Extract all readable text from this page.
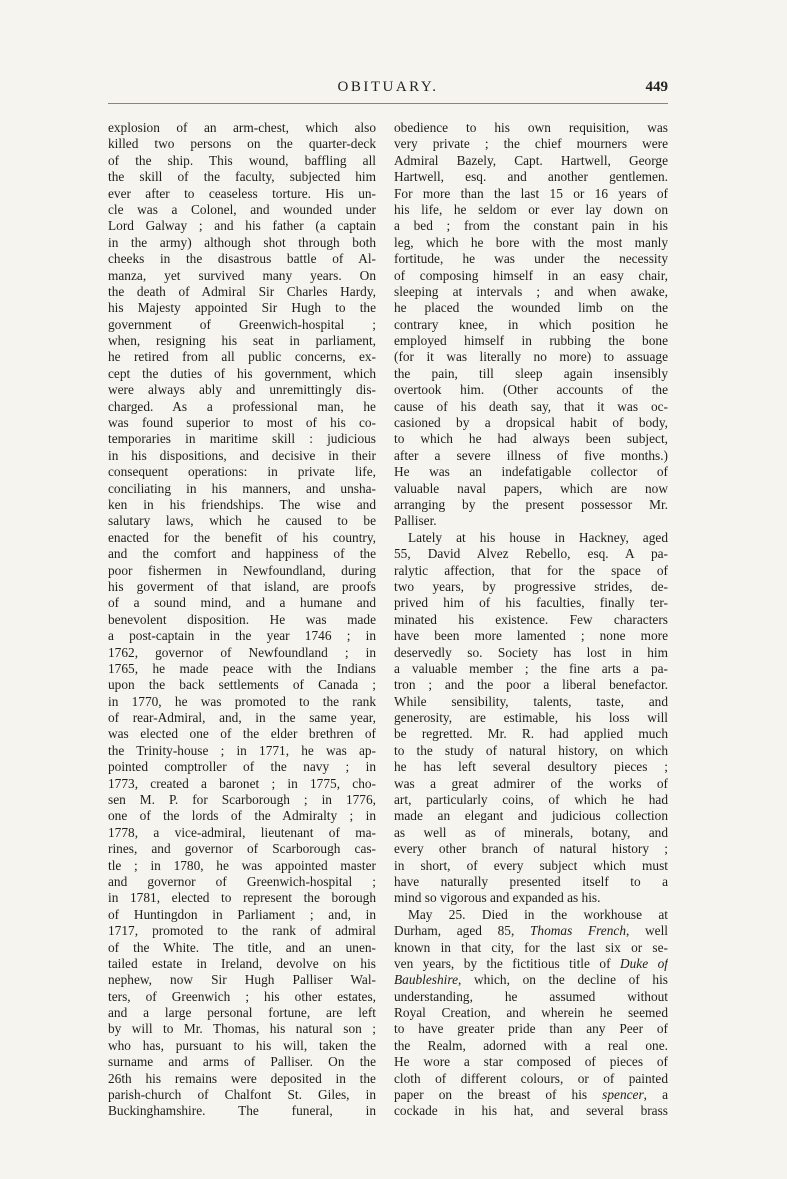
OBITUARY.	449
explosion of an arm-chest, which also
killed two persons on the quarter-deck
of the ship. This wound, baffling all
the skill of the faculty, subjected him
ever after to ceaseless torture. His un-
cle was a Colonel, and wounded under
Lord Galway ; and his father (a captain
in the army) although shot through both
cheeks in the disastrous battle of Al-
manza, yet survived many years. On
the death of Admiral Sir Charles Hardy,
his Majesty appointed Sir Hugh to the
government of Greenwich-hospital ;
when, resigning his seat in parliament,
he retired from all public concerns, ex-
cept the duties of his government, which
were always ably and unremittingly dis-
charged. As a professional man, he
was found superior to most of his co-
temporaries in maritime skill : judicious
in his dispositions, and decisive in their
consequent operations: in private life,
conciliating in his manners, and unsha-
ken in his friendships. The wise and
salutary laws, which he caused to be
enacted for the benefit of his country,
and the comfort and happiness of the
poor fishermen in Newfoundland, during
his goverment of that island, are proofs
of a sound mind, and a humane and
benevolent disposition. He was made
a post-captain in the year 1746 ; in
1762, governor of Newfoundland ; in
1765, he made peace with the Indians
upon the back settlements of Canada ;
in 1770, he was promoted to the rank
of rear-Admiral, and, in the same year,
was elected one of the elder brethren of
the Trinity-house ; in 1771, he was ap-
pointed comptroller of the navy ; in
1773, created a baronet ; in 1775, cho-
sen M. P. for Scarborough ; in 1776,
one of the lords of the Admiralty ; in
1778, a vice-admiral, lieutenant of ma-
rines, and governor of Scarborough cas-
tle ; in 1780, he was appointed master
and governor of Greenwich-hospital ;
in 1781, elected to represent the borough
of Huntingdon in Parliament ; and, in
1717, promoted to the rank of admiral
of the White. The title, and an unen-
tailed estate in Ireland, devolve on his
nephew, now Sir Hugh Palliser Wal-
ters, of Greenwich ; his other estates,
and a large personal fortune, are left
by will to Mr. Thomas, his natural son ;
who has, pursuant to his will, taken the
surname and arms of Palliser. On the
26th his remains were deposited in the
parish-church of Chalfont St. Giles, in
Buckinghamshire. The funeral, in
obedience to his own requisition, was
very private ; the chief mourners were
Admiral Bazely, Capt. Hartwell, George
Hartwell, esq. and another gentlemen.
For more than the last 15 or 16 years of
his life, he seldom or ever lay down on
a bed ; from the constant pain in his
leg, which he bore with the most manly
fortitude, he was under the necessity
of composing himself in an easy chair,
sleeping at intervals ; and when awake,
he placed the wounded limb on the
contrary knee, in which position he
employed himself in rubbing the bone
(for it was literally no more) to assuage
the pain, till sleep again insensibly
overtook him. (Other accounts of the
cause of his death say, that it was oc-
casioned by a dropsical habit of body,
to which he had always been subject,
after a severe illness of five months.)
He was an indefatigable collector of
valuable naval papers, which are now
arranging by the present possessor Mr.
Palliser.
Lately at his house in Hackney, aged
55, David Alvez Rebello, esq. A pa-
ralytic affection, that for the space of
two years, by progressive strides, de-
prived him of his faculties, finally ter-
minated his existence. Few characters
have been more lamented ; none more
deservedly so. Society has lost in him
a valuable member ; the fine arts a pa-
tron ; and the poor a liberal benefactor.
While sensibility, talents, taste, and
generosity, are estimable, his loss will
be regretted. Mr. R. had applied much
to the study of natural history, on which
he has left several desultory pieces ;
was a great admirer of the works of
art, particularly coins, of which he had
made an elegant and judicious collection
as well as of minerals, botany, and
every other branch of natural history ;
in short, of every subject which must
have naturally presented itself to a
mind so vigorous and expanded as his.
May 25. Died in the workhouse at
Durham, aged 85, Thomas French, well
known in that city, for the last six or se-
ven years, by the fictitious title of Duke of
Baubleshire, which, on the decline of his
understanding, he assumed without
Royal Creation, and wherein he seemed
to have greater pride than any Peer of
the Realm, adorned with a real one.
He wore a star composed of pieces of
cloth of different colours, or of painted
paper on the breast of his spencer, a
cockade in his hat, and several brass
